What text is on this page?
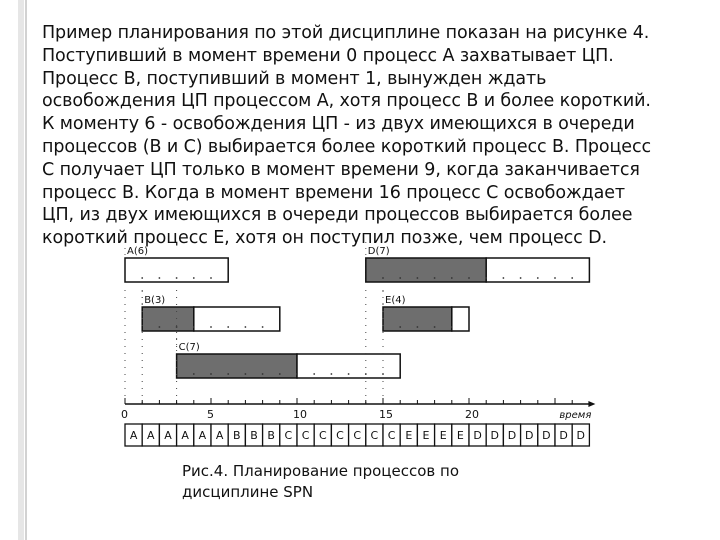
Пример планирования по этой дисциплине показан на рисунке 4.
Поступивший в момент времени 0 процесс A захватывает ЦП.
Процесс B, поступивший в момент 1, вынужден ждать
освобождения ЦП процессом A, хотя процесс B и более короткий.
К моменту 6 - освобождения ЦП - из двух имеющихся в очереди
процессов (B и C) выбирается более короткий процесс B. Процесс
C получает ЦП только в момент времени 9, когда заканчивается
процесс B. Когда в момент времени 16 процесс C освобождает
ЦП, из двух имеющихся в очереди процессов выбирается более
короткий процесс E, хотя он поступил позже, чем процесс D.
A(6)
B(3)
C(7)
D(7)
E(4)
0	5	10	15	20	время
A A A A A A B B B C C C C C C C E E E E D D D D D D D
Рис.4. Планирование процессов по
дисциплине SPN
